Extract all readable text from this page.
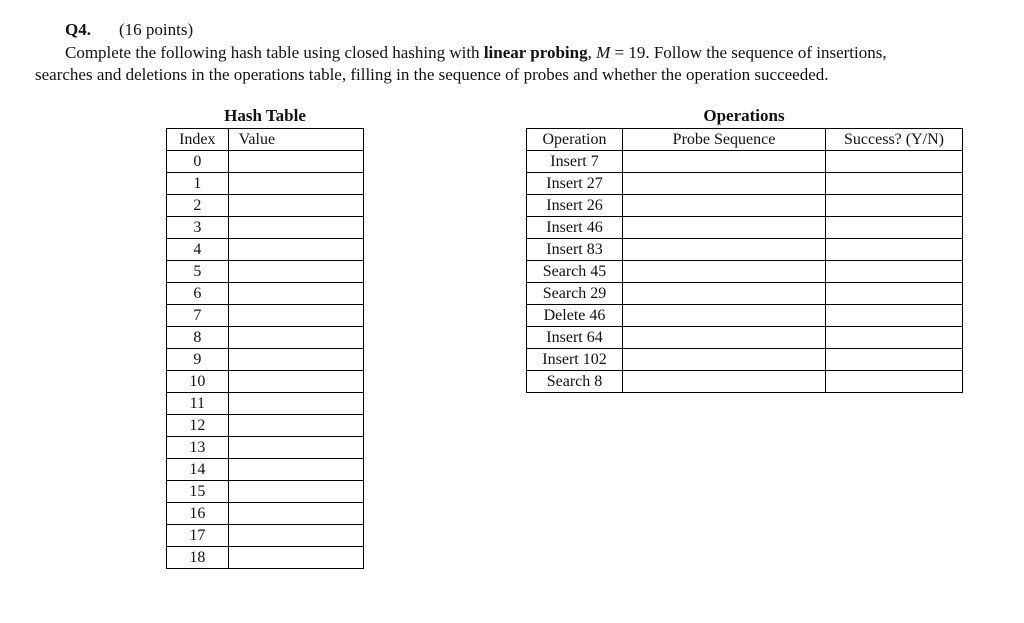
Q4. (16 points)
Complete the following hash table using closed hashing with linear probing, M = 19. Follow the sequence of insertions,
searches and deletions in the operations table, filling in the sequence of probes and whether the operation succeeded.
Hash Table	Operations
Index	Value
0	
1	
2	
3	
4	
5	
6	
7	
8	
9	
10	
11	
12	
13	
14	
15	
16	
17	
18	
Operation	Probe Sequence	Success? (Y/N)
Insert 7		
Insert 27		
Insert 26		
Insert 46		
Insert 83		
Search 45		
Search 29		
Delete 46		
Insert 64		
Insert 102		
Search 8		
